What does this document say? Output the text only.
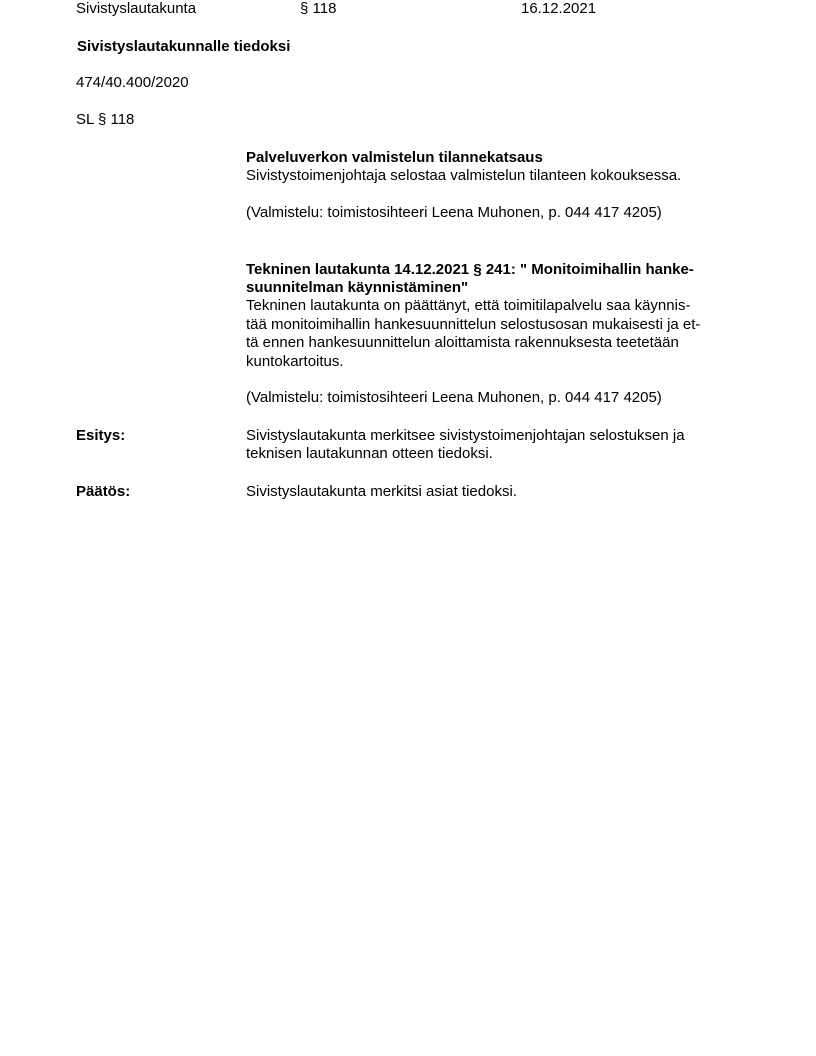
Sivistyslautakunta	§ 118	16.12.2021
Sivistyslautakunnalle tiedoksi
474/40.400/2020
SL § 118
Palveluverkon valmistelun tilannekatsaus
Sivistystoimenjohtaja selostaa valmistelun tilanteen kokouksessa.
(Valmistelu: toimistosihteeri Leena Muhonen, p. 044 417 4205)
Tekninen lautakunta 14.12.2021 § 241: " Monitoimihallin hanke-
suunnitelman käynnistäminen"
Tekninen lautakunta on päättänyt, että toimitilapalvelu saa käynnis-
tää monitoimihallin hankesuunnittelun selostusosan mukaisesti ja et-
tä ennen hankesuunnittelun aloittamista rakennuksesta teetetään
kuntokartoitus.
(Valmistelu: toimistosihteeri Leena Muhonen, p. 044 417 4205)
Esitys:	Sivistyslautakunta merkitsee sivistystoimenjohtajan selostuksen ja
teknisen lautakunnan otteen tiedoksi.
Päätös:	Sivistyslautakunta merkitsi asiat tiedoksi.
